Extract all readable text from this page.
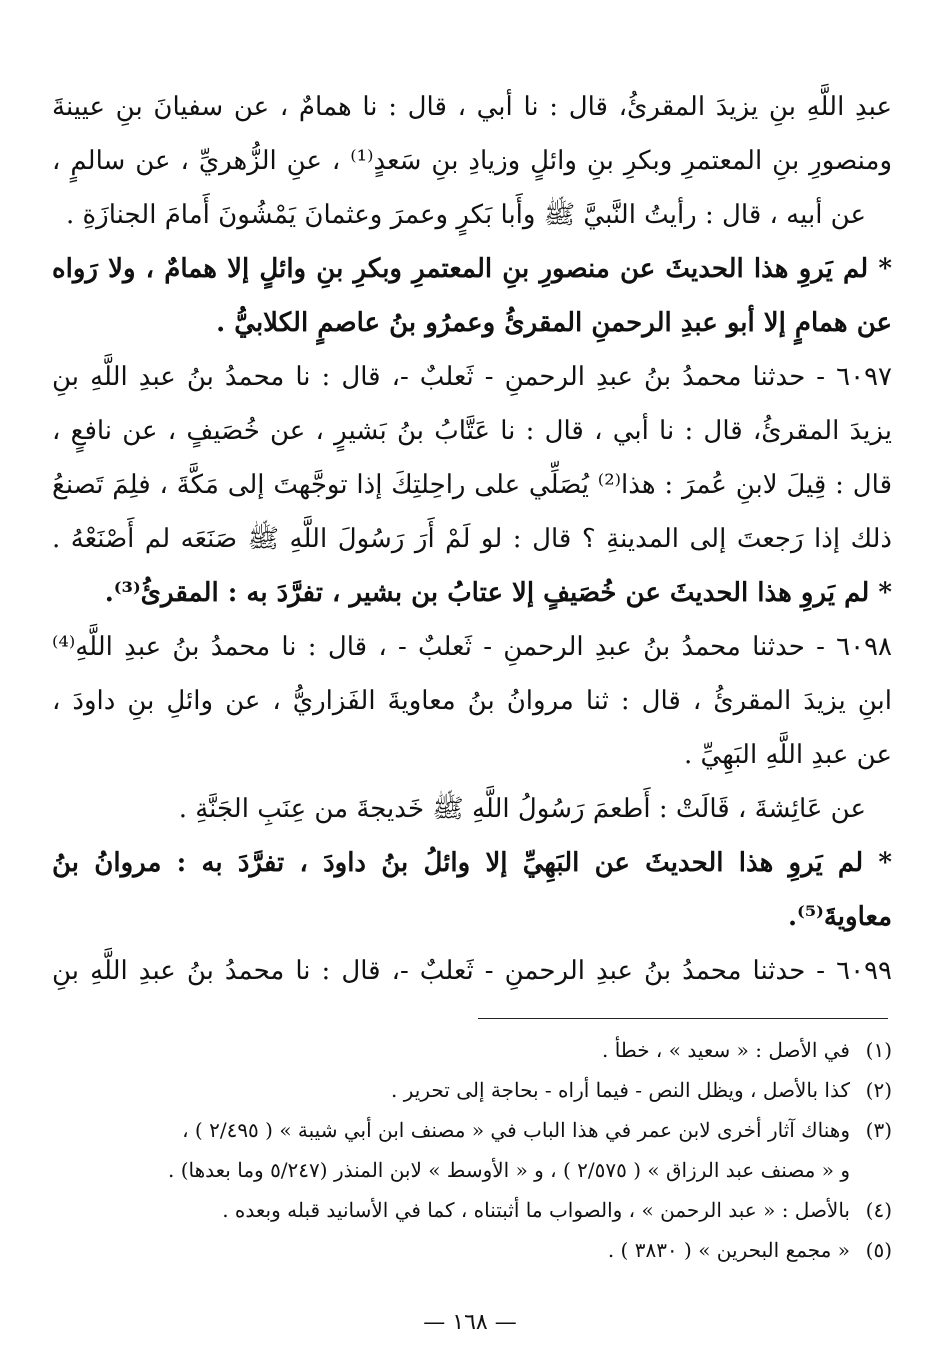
عبدِ اللَّهِ بنِ يزيدَ المقرئُ، قال : نا أبي ، قال : نا همامٌ ، عن سفيانَ بنِ عيينةَ
ومنصورِ بنِ المعتمرِ وبكرِ بنِ وائلٍ وزيادِ بنِ سَعدٍ⁽¹⁾ ، عنِ الزُّهريِّ ، عن سالمٍ ،
عن أبيه ، قال : رأيتُ النَّبيَّ ﷺ وأَبا بَكرٍ وعمرَ وعثمانَ يَمْشُونَ أَمامَ الجنازَةِ .
* لم يَروِ هذا الحديثَ عن منصورِ بنِ المعتمرِ وبكرِ بنِ وائلٍ إلا همامٌ ، ولا رَواه
عن همامٍ إلا أبو عبدِ الرحمنِ المقرئُ وعمرُو بنُ عاصمٍ الكلابيُّ .
٦٠٩٧ - حدثنا محمدُ بنُ عبدِ الرحمنِ - ثَعلبٌ -، قال : نا محمدُ بنُ عبدِ اللَّهِ بنِ
يزيدَ المقرئُ، قال : نا أبي ، قال : نا عَتَّابُ بنُ بَشيرٍ ، عن خُصَيفٍ ، عن نافعٍ ،
قال : قِيلَ لابنِ عُمرَ : هذا⁽²⁾ يُصَلِّي على راحِلتِكَ إذا توجَّهتَ إلى مَكَّةَ ، فلِمَ تَصنعُ
ذلك إذا رَجعتَ إلى المدينةِ ؟ قال : لو لَمْ أَرَ رَسُولَ اللَّهِ ﷺ صَنَعَه لم أَصْنَعْهُ .
* لم يَروِ هذا الحديثَ عن خُصَيفٍ إلا عتابُ بن بشير ، تفرَّدَ به : المقرئُ⁽³⁾.
٦٠٩٨ - حدثنا محمدُ بنُ عبدِ الرحمنِ - ثَعلبٌ - ، قال : نا محمدُ بنُ عبدِ اللَّهِ⁽⁴⁾
ابنِ يزيدَ المقرئُ ، قال : ثنا مروانُ بنُ معاويةَ الفَزاريُّ ، عن وائلِ بنِ داودَ ،
عن عبدِ اللَّهِ البَهِيِّ .
عن عَائِشةَ ، قَالَتْ : أَطعمَ رَسُولُ اللَّهِ ﷺ خَديجةَ من عِنَبِ الجَنَّةِ .
* لم يَروِ هذا الحديثَ عن البَهِيِّ إلا وائلُ بنُ داودَ ، تفرَّدَ به : مروانُ بنُ
معاويةَ⁽⁵⁾.
٦٠٩٩ - حدثنا محمدُ بنُ عبدِ الرحمنِ - ثَعلبٌ -، قال : نا محمدُ بنُ عبدِ اللَّهِ بنِ
(١)في الأصل : « سعيد » ، خطأ .
(٢)كذا بالأصل ، ويظل النص - فيما أراه - بحاجة إلى تحرير .
(٣)وهناك آثار أخرى لابن عمر في هذا الباب في « مصنف ابن أبي شيبة » ( ٢/٤٩٥ ) ،
و « مصنف عبد الرزاق » ( ٢/٥٧٥ ) ، و « الأوسط » لابن المنذر (٥/٢٤٧ وما بعدها) .
(٤)بالأصل : « عبد الرحمن » ، والصواب ما أثبتناه ، كما في الأسانيد قبله وبعده .
(٥)« مجمع البحرين » ( ٣٨٣٠ ) .
— ١٦٨ —
